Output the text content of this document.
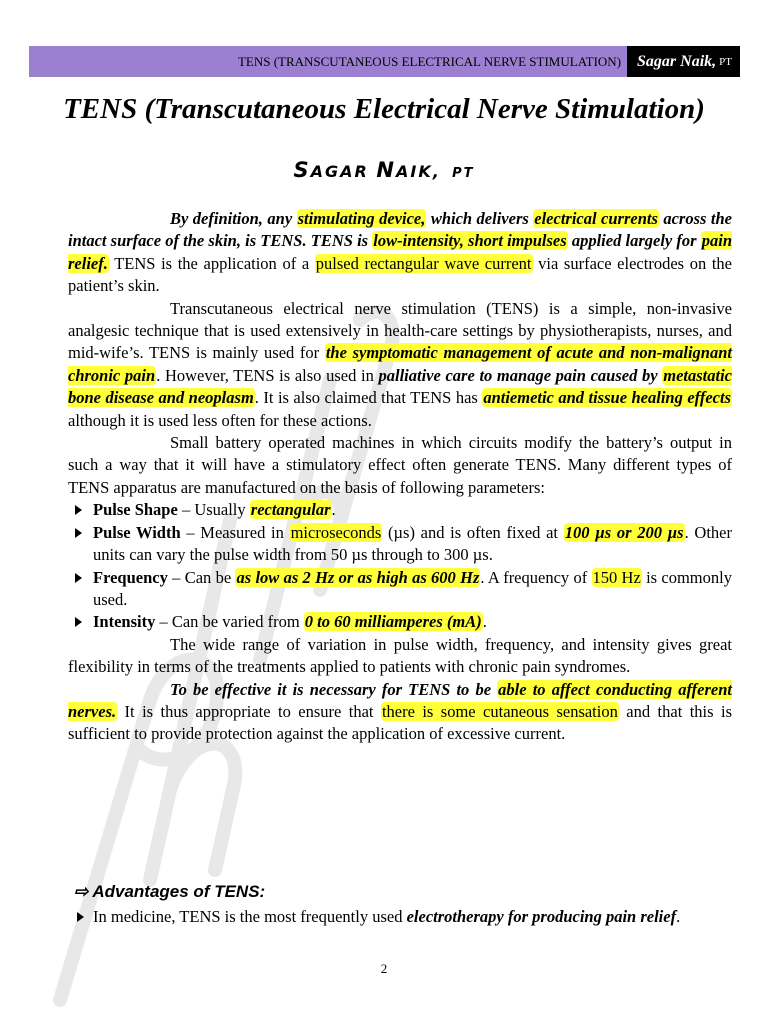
TENS (TRANSCUTANEOUS ELECTRICAL NERVE STIMULATION)	Sagar Naik, PT
TENS (Transcutaneous Electrical Nerve Stimulation)
SAGAR NAIK, PT

By definition, any stimulating device, which delivers electrical currents across the intact surface of the skin, is TENS. TENS is low-intensity, short impulses applied largely for pain relief. TENS is the application of a pulsed rectangular wave current via surface electrodes on the patient’s skin.

Transcutaneous electrical nerve stimulation (TENS) is a simple, non-invasive analgesic technique that is used extensively in health-care settings by physiotherapists, nurses, and mid-wife’s. TENS is mainly used for the symptomatic management of acute and non-malignant chronic pain. However, TENS is also used in palliative care to manage pain caused by metastatic bone disease and neoplasm. It is also claimed that TENS has antiemetic and tissue healing effects although it is used less often for these actions.

Small battery operated machines in which circuits modify the battery’s output in such a way that it will have a stimulatory effect often generate TENS. Many different types of TENS apparatus are manufactured on the basis of following parameters:

Pulse Shape – Usually rectangular.
Pulse Width – Measured in microseconds (µs) and is often fixed at 100 µs or 200 µs. Other units can vary the pulse width from 50 µs through to 300 µs.
Frequency – Can be as low as 2 Hz or as high as 600 Hz. A frequency of 150 Hz is commonly used.
Intensity – Can be varied from 0 to 60 milliamperes (mA).

The wide range of variation in pulse width, frequency, and intensity gives great flexibility in terms of the treatments applied to patients with chronic pain syndromes.

To be effective it is necessary for TENS to be able to affect conducting afferent nerves. It is thus appropriate to ensure that there is some cutaneous sensation and that this is sufficient to provide protection against the application of excessive current.

⇨ Advantages of TENS:
In medicine, TENS is the most frequently used electrotherapy for producing pain relief.
2
